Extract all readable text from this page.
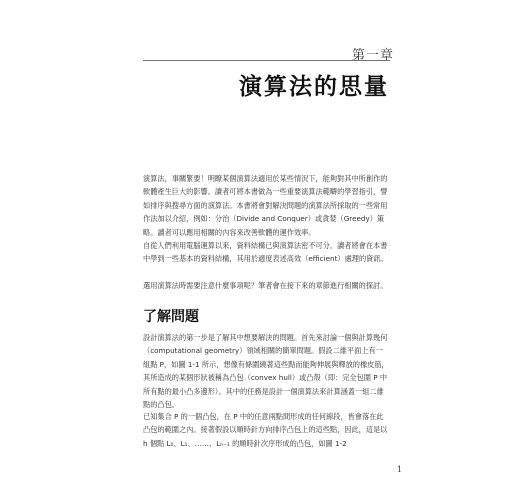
第一章
演算法的思量
演算法，事關緊要！明瞭某個演算法適用於某些情況下，能夠對其中所創作的軟體產生巨大的影響。讀者可將本書做為一些重要演算法範疇的學習指引，譬如排序與搜尋方面的演算法。本書將會對解決問題的演算法所採取的一些常用作法加以介紹，例如：分治（Divide and Conquer）或貪婪（Greedy）策略。讀者可以應用相關的內容來改善軟體的運作效率。
自從人們利用電腦運算以來，資料結構已與演算法密不可分。讀者將會在本書中學到一些基本的資料結構，其用於適度表述高效（efficient）處理的資訊。
選用演算法時需要注意什麼事項呢？筆者會在接下來的章節進行相關的探討。
了解問題
設計演算法的第一步是了解其中想要解決的問題。首先來討論一個與計算幾何（computational geometry）領域相關的簡單問題。假設二維平面上有一組點 P，如圖 1-1 所示，想像有條圍繞著這些點而能夠伸展與釋放的橡皮筋，其所造成的某個形狀被稱為凸包（convex hull）或凸殼（即：完全包圍 P 中所有點的最小凸多邊形）。其中的任務是設計一個演算法來計算涵蓋一組二維點的凸包。
已知集合 P 的一個凸包，在 P 中的任意兩點間形成的任何線段，皆會落在此凸包的範圍之內。接著假設以順時針方向排序凸包上的這些點，因此，這是以 h 個點 L₀、L₁、……、Lₕ₋₁ 的順時針次序形成的凸包，如圖 1-2
1
